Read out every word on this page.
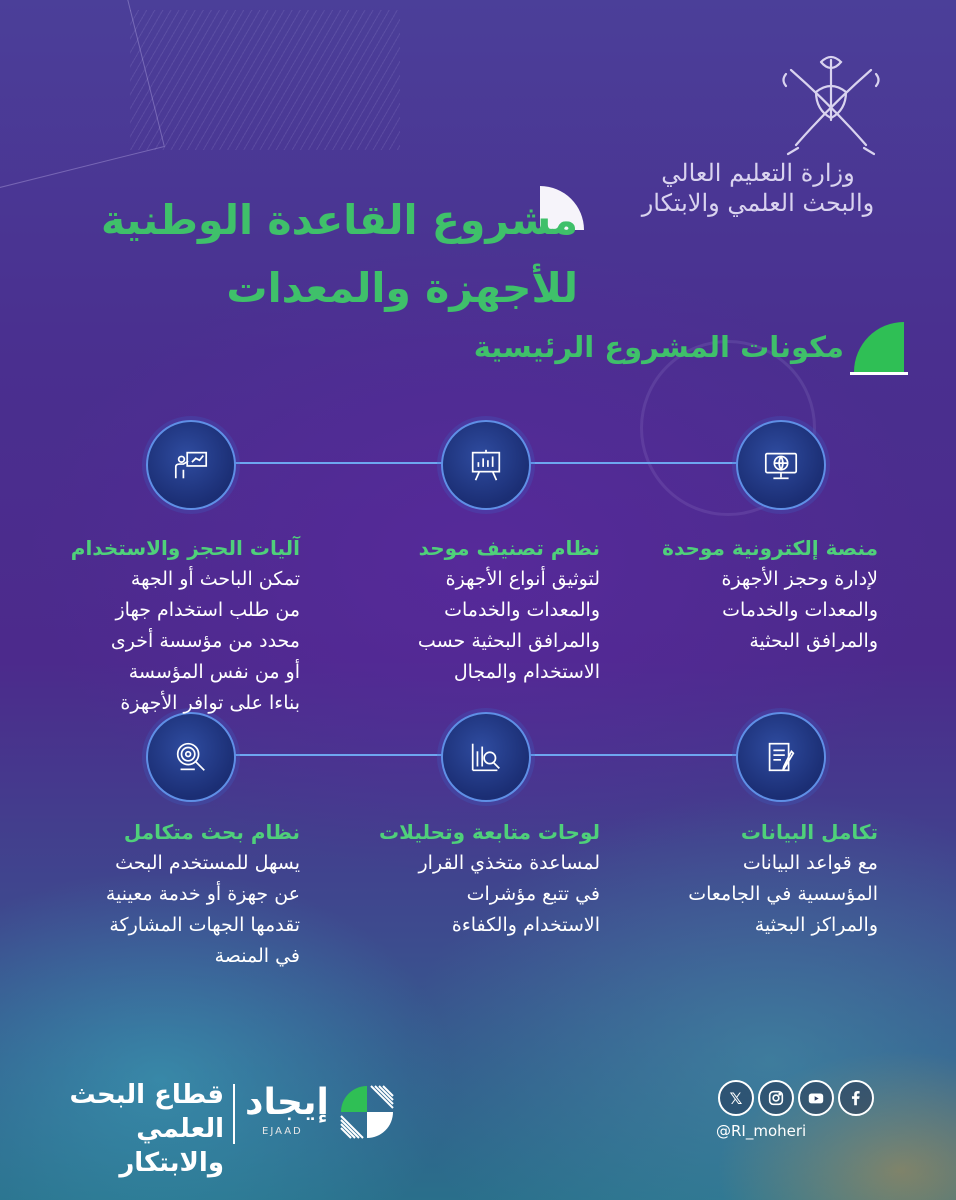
وزارة التعليم العالي
والبحث العلمي والابتكار
مشروع القاعدة الوطنية
للأجهزة والمعدات
مكونات المشروع الرئيسية
منصة إلكترونية موحدة
لإدارة وحجز الأجهزة
والمعدات والخدمات
والمرافق البحثية
نظام تصنيف موحد
لتوثيق أنواع الأجهزة
والمعدات والخدمات
والمرافق البحثية حسب
الاستخدام والمجال
آليات الحجز والاستخدام
تمكن الباحث أو الجهة
من طلب استخدام جهاز
محدد من مؤسسة أخرى
أو من نفس المؤسسة
بناءا على توافر الأجهزة
تكامل البيانات
مع قواعد البيانات
المؤسسية في الجامعات
والمراكز البحثية
لوحات متابعة وتحليلات
لمساعدة متخذي القرار
في تتبع مؤشرات
الاستخدام والكفاءة
نظام بحث متكامل
يسهل للمستخدم البحث
عن جهزة أو خدمة معينية
تقدمها الجهات المشاركة
في المنصة
قطاع البحث
العلمي والابتكار
إيجاد
EJAAD
𝕏
@RI_moheri
